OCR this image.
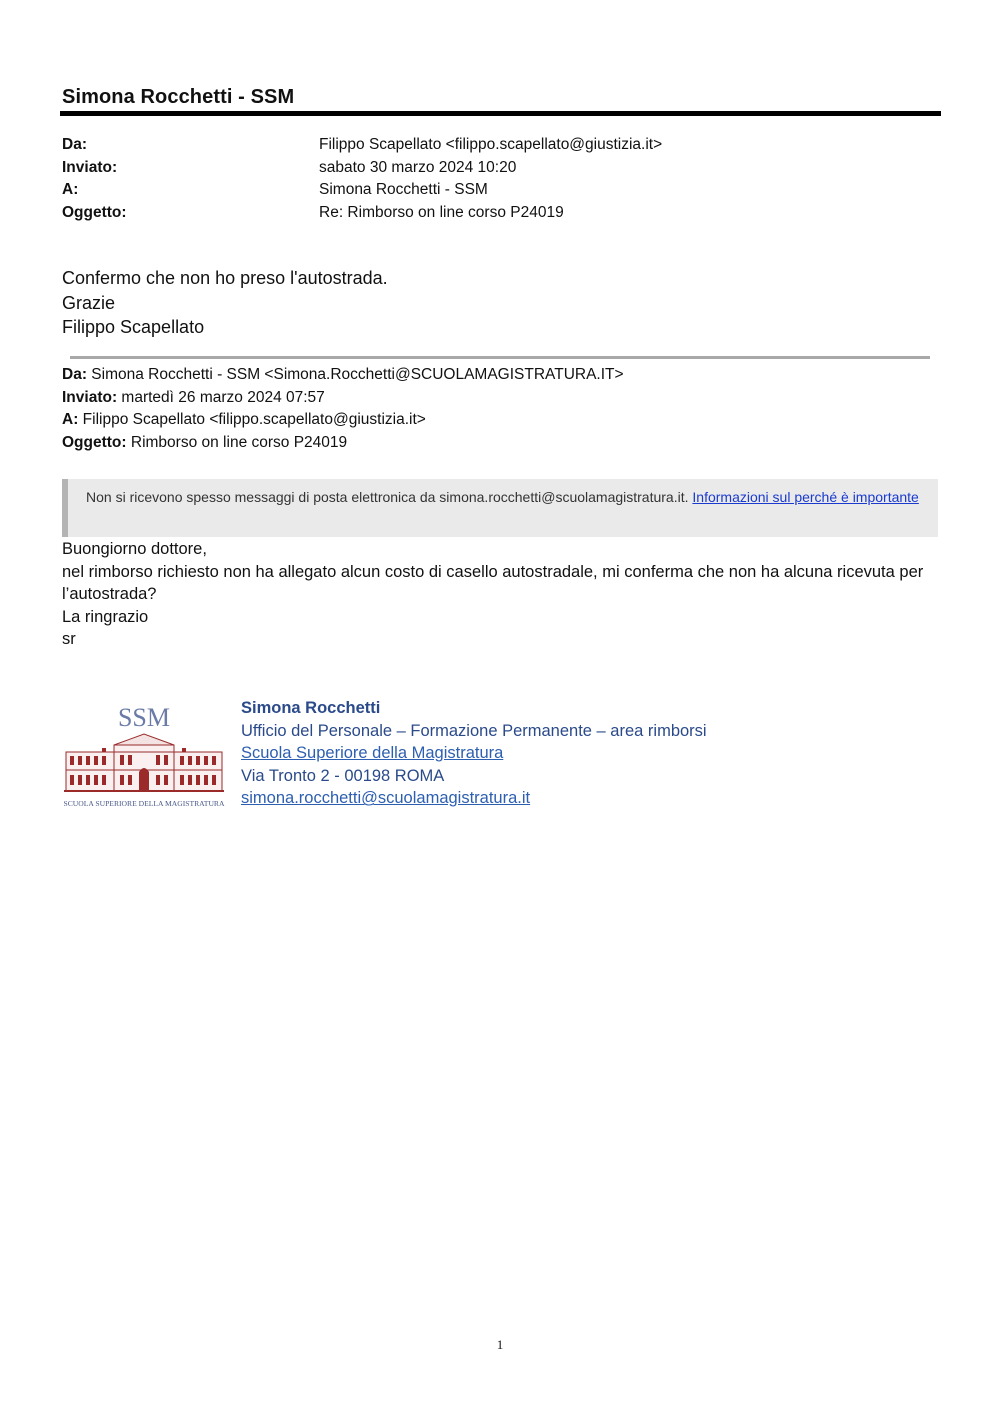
Simona Rocchetti - SSM
Da:	Filippo Scapellato <filippo.scapellato@giustizia.it>
Inviato:	sabato 30 marzo 2024 10:20
A:	Simona Rocchetti - SSM
Oggetto:	Re: Rimborso on line corso P24019
Confermo che non ho preso l'autostrada.
Grazie
Filippo Scapellato
Da: Simona Rocchetti - SSM <Simona.Rocchetti@SCUOLAMAGISTRATURA.IT>
Inviato: martedì 26 marzo 2024 07:57
A: Filippo Scapellato <filippo.scapellato@giustizia.it>
Oggetto: Rimborso on line corso P24019
Non si ricevono spesso messaggi di posta elettronica da simona.rocchetti@scuolamagistratura.it. Informazioni sul perché è importante
Buongiorno dottore,
nel rimborso richiesto non ha allegato alcun costo di casello autostradale, mi conferma che non ha alcuna ricevuta per l’autostrada?
La ringrazio
sr
SSM
SCUOLA SUPERIORE DELLA MAGISTRATURA
Simona Rocchetti
Ufficio del Personale – Formazione Permanente – area rimborsi
Scuola Superiore della Magistratura
Via Tronto 2 - 00198 ROMA
simona.rocchetti@scuolamagistratura.it
1
